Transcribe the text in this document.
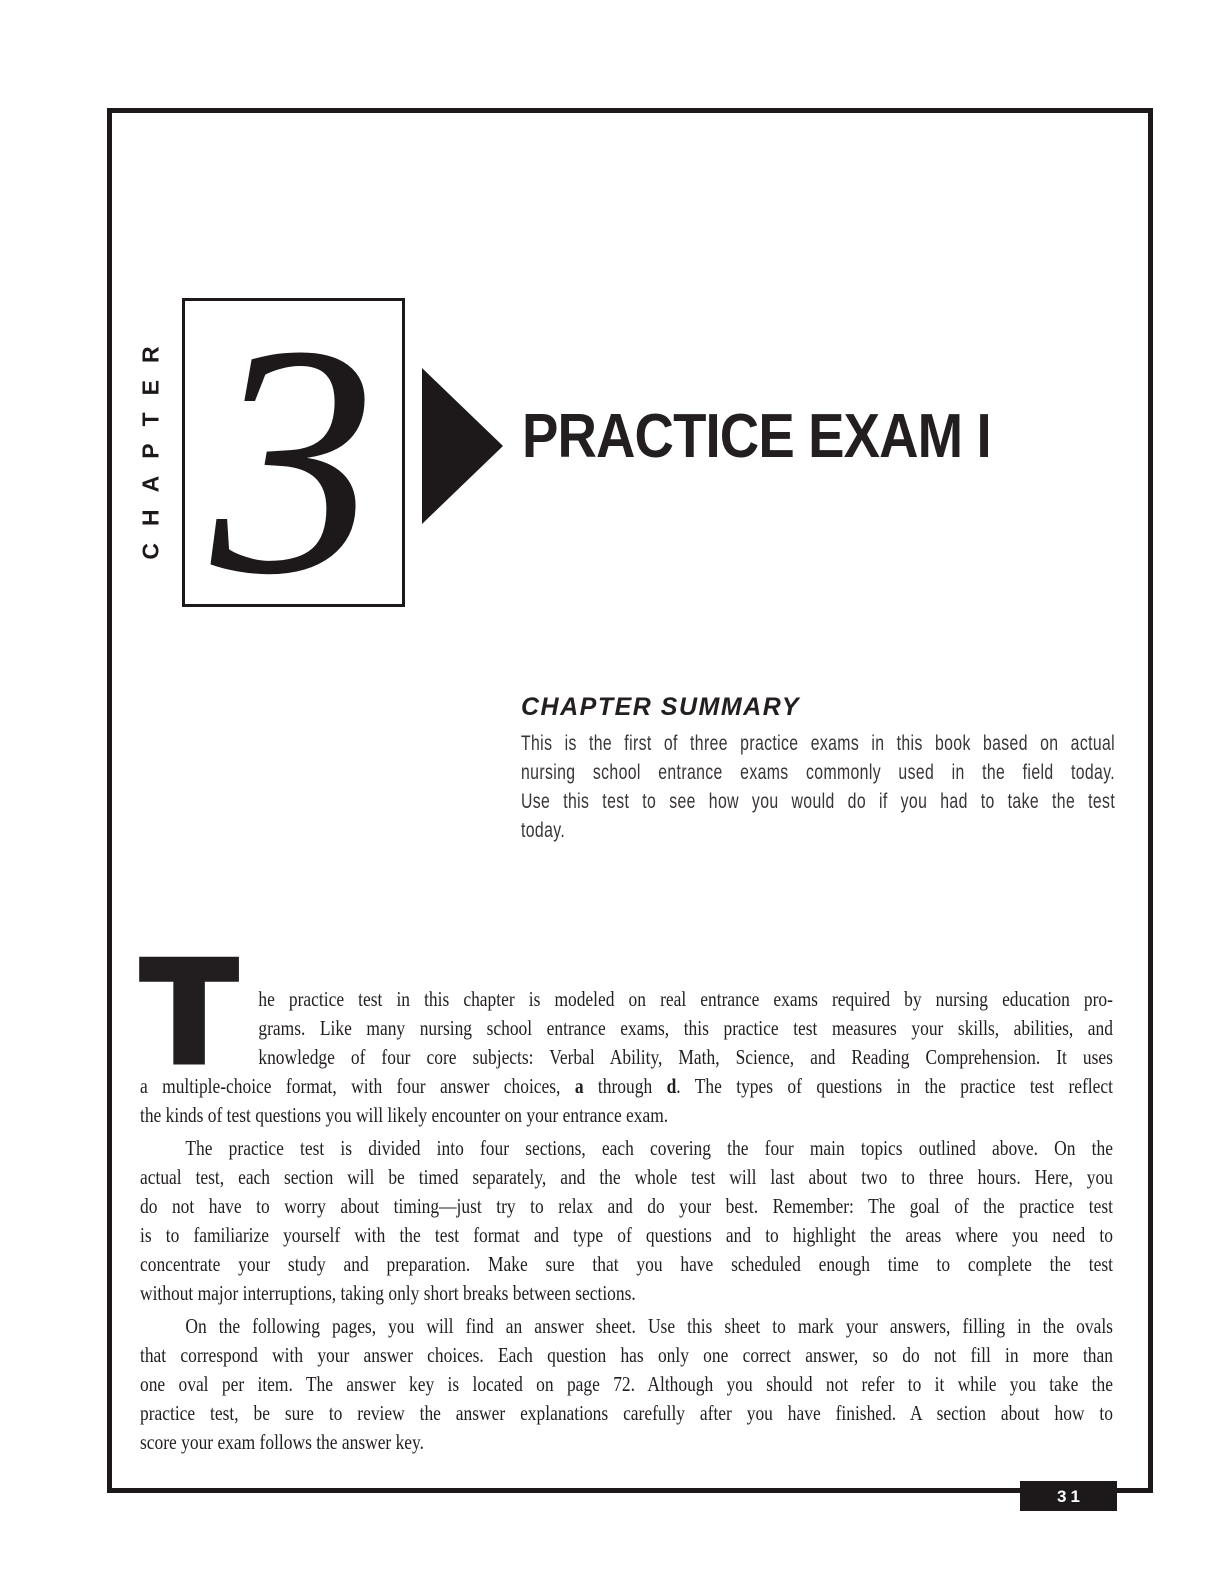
CHAPTER 3 PRACTICE EXAM I
CHAPTER SUMMARY
This is the first of three practice exams in this book based on actual
nursing school entrance exams commonly used in the field today.
Use this test to see how you would do if you had to take the test
today.
T he practice test in this chapter is modeled on real entrance exams required by nursing education pro-
grams. Like many nursing school entrance exams, this practice test measures your skills, abilities, and
knowledge of four core subjects: Verbal Ability, Math, Science, and Reading Comprehension. It uses
a multiple-choice format, with four answer choices, a through d. The types of questions in the practice test reflect
the kinds of test questions you will likely encounter on your entrance exam.
The practice test is divided into four sections, each covering the four main topics outlined above. On the
actual test, each section will be timed separately, and the whole test will last about two to three hours. Here, you
do not have to worry about timing—just try to relax and do your best. Remember: The goal of the practice test
is to familiarize yourself with the test format and type of questions and to highlight the areas where you need to
concentrate your study and preparation. Make sure that you have scheduled enough time to complete the test
without major interruptions, taking only short breaks between sections.
On the following pages, you will find an answer sheet. Use this sheet to mark your answers, filling in the ovals
that correspond with your answer choices. Each question has only one correct answer, so do not fill in more than
one oval per item. The answer key is located on page 72. Although you should not refer to it while you take the
practice test, be sure to review the answer explanations carefully after you have finished. A section about how to
score your exam follows the answer key.
31
